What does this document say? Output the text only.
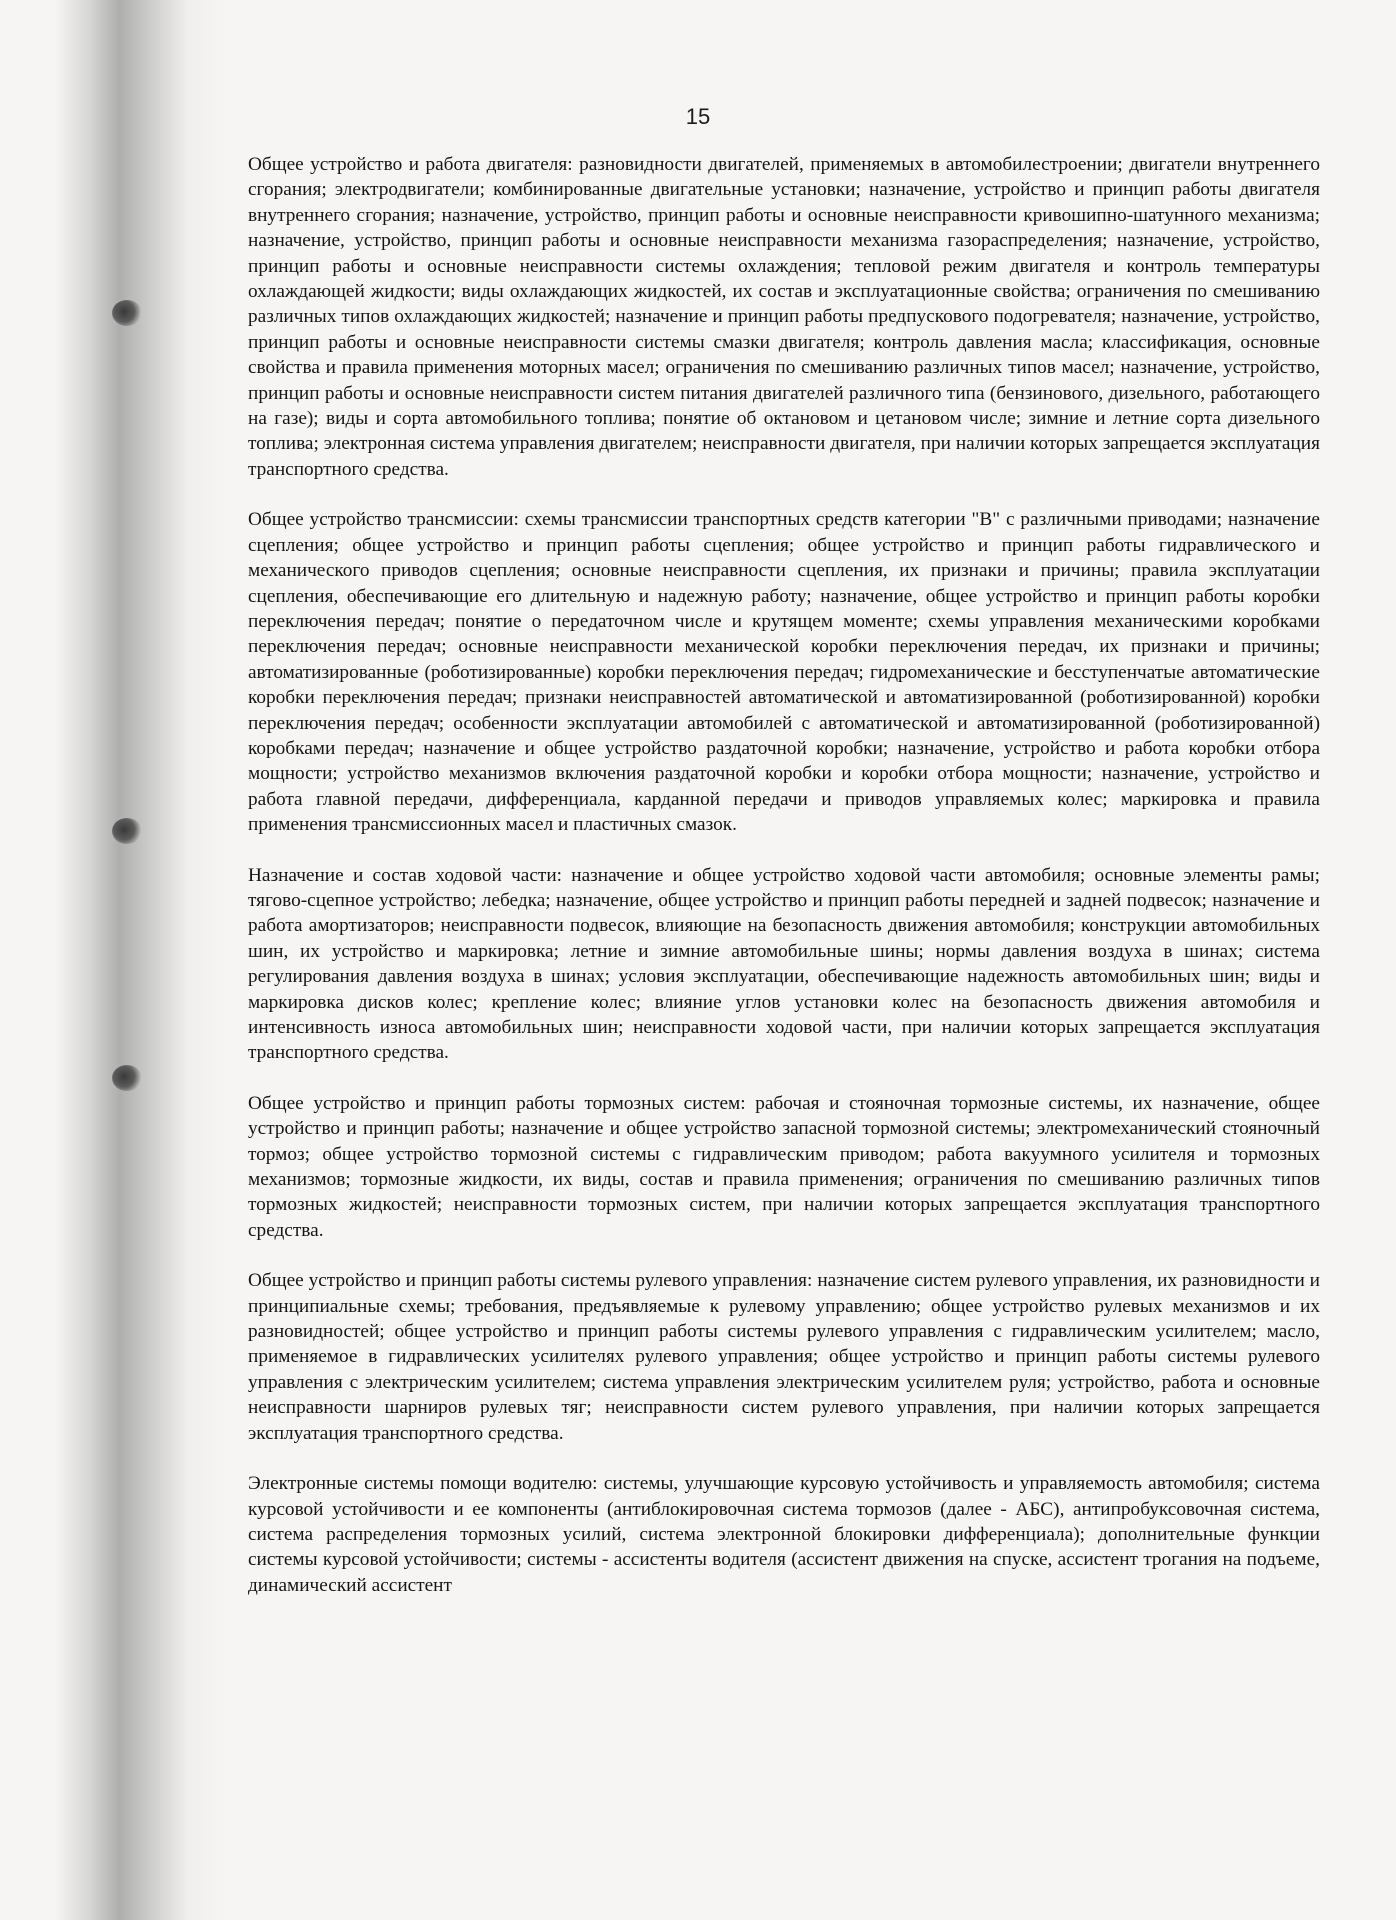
15

Общее устройство и работа двигателя: разновидности двигателей, применяемых в автомобилестроении; двигатели внутреннего сгорания; электродвигатели; комбинированные двигательные установки; назначение, устройство и принцип работы двигателя внутреннего сгорания; назначение, устройство, принцип работы и основные неисправности кривошипно-шатунного механизма; назначение, устройство, принцип работы и основные неисправности механизма газораспределения; назначение, устройство, принцип работы и основные неисправности системы охлаждения; тепловой режим двигателя и контроль температуры охлаждающей жидкости; виды охлаждающих жидкостей, их состав и эксплуатационные свойства; ограничения по смешиванию различных типов охлаждающих жидкостей; назначение и принцип работы предпускового подогревателя; назначение, устройство, принцип работы и основные неисправности системы смазки двигателя; контроль давления масла; классификация, основные свойства и правила применения моторных масел; ограничения по смешиванию различных типов масел; назначение, устройство, принцип работы и основные неисправности систем питания двигателей различного типа (бензинового, дизельного, работающего на газе); виды и сорта автомобильного топлива; понятие об октановом и цетановом числе; зимние и летние сорта дизельного топлива; электронная система управления двигателем; неисправности двигателя, при наличии которых запрещается эксплуатация транспортного средства.

Общее устройство трансмиссии: схемы трансмиссии транспортных средств категории "В" с различными приводами; назначение сцепления; общее устройство и принцип работы сцепления; общее устройство и принцип работы гидравлического и механического приводов сцепления; основные неисправности сцепления, их признаки и причины; правила эксплуатации сцепления, обеспечивающие его длительную и надежную работу; назначение, общее устройство и принцип работы коробки переключения передач; понятие о передаточном числе и крутящем моменте; схемы управления механическими коробками переключения передач; основные неисправности механической коробки переключения передач, их признаки и причины; автоматизированные (роботизированные) коробки переключения передач; гидромеханические и бесступенчатые автоматические коробки переключения передач; признаки неисправностей автоматической и автоматизированной (роботизированной) коробки переключения передач; особенности эксплуатации автомобилей с автоматической и автоматизированной (роботизированной) коробками передач; назначение и общее устройство раздаточной коробки; назначение, устройство и работа коробки отбора мощности; устройство механизмов включения раздаточной коробки и коробки отбора мощности; назначение, устройство и работа главной передачи, дифференциала, карданной передачи и приводов управляемых колес; маркировка и правила применения трансмиссионных масел и пластичных смазок.

Назначение и состав ходовой части: назначение и общее устройство ходовой части автомобиля; основные элементы рамы; тягово-сцепное устройство; лебедка; назначение, общее устройство и принцип работы передней и задней подвесок; назначение и работа амортизаторов; неисправности подвесок, влияющие на безопасность движения автомобиля; конструкции автомобильных шин, их устройство и маркировка; летние и зимние автомобильные шины; нормы давления воздуха в шинах; система регулирования давления воздуха в шинах; условия эксплуатации, обеспечивающие надежность автомобильных шин; виды и маркировка дисков колес; крепление колес; влияние углов установки колес на безопасность движения автомобиля и интенсивность износа автомобильных шин; неисправности ходовой части, при наличии которых запрещается эксплуатация транспортного средства.

Общее устройство и принцип работы тормозных систем: рабочая и стояночная тормозные системы, их назначение, общее устройство и принцип работы; назначение и общее устройство запасной тормозной системы; электромеханический стояночный тормоз; общее устройство тормозной системы с гидравлическим приводом; работа вакуумного усилителя и тормозных механизмов; тормозные жидкости, их виды, состав и правила применения; ограничения по смешиванию различных типов тормозных жидкостей; неисправности тормозных систем, при наличии которых запрещается эксплуатация транспортного средства.

Общее устройство и принцип работы системы рулевого управления: назначение систем рулевого управления, их разновидности и принципиальные схемы; требования, предъявляемые к рулевому управлению; общее устройство рулевых механизмов и их разновидностей; общее устройство и принцип работы системы рулевого управления с гидравлическим усилителем; масло, применяемое в гидравлических усилителях рулевого управления; общее устройство и принцип работы системы рулевого управления с электрическим усилителем; система управления электрическим усилителем руля; устройство, работа и основные неисправности шарниров рулевых тяг; неисправности систем рулевого управления, при наличии которых запрещается эксплуатация транспортного средства.

Электронные системы помощи водителю: системы, улучшающие курсовую устойчивость и управляемость автомобиля; система курсовой устойчивости и ее компоненты (антиблокировочная система тормозов (далее - АБС), антипробуксовочная система, система распределения тормозных усилий, система электронной блокировки дифференциала); дополнительные функции системы курсовой устойчивости; системы - ассистенты водителя (ассистент движения на спуске, ассистент трогания на подъеме, динамический ассистент
